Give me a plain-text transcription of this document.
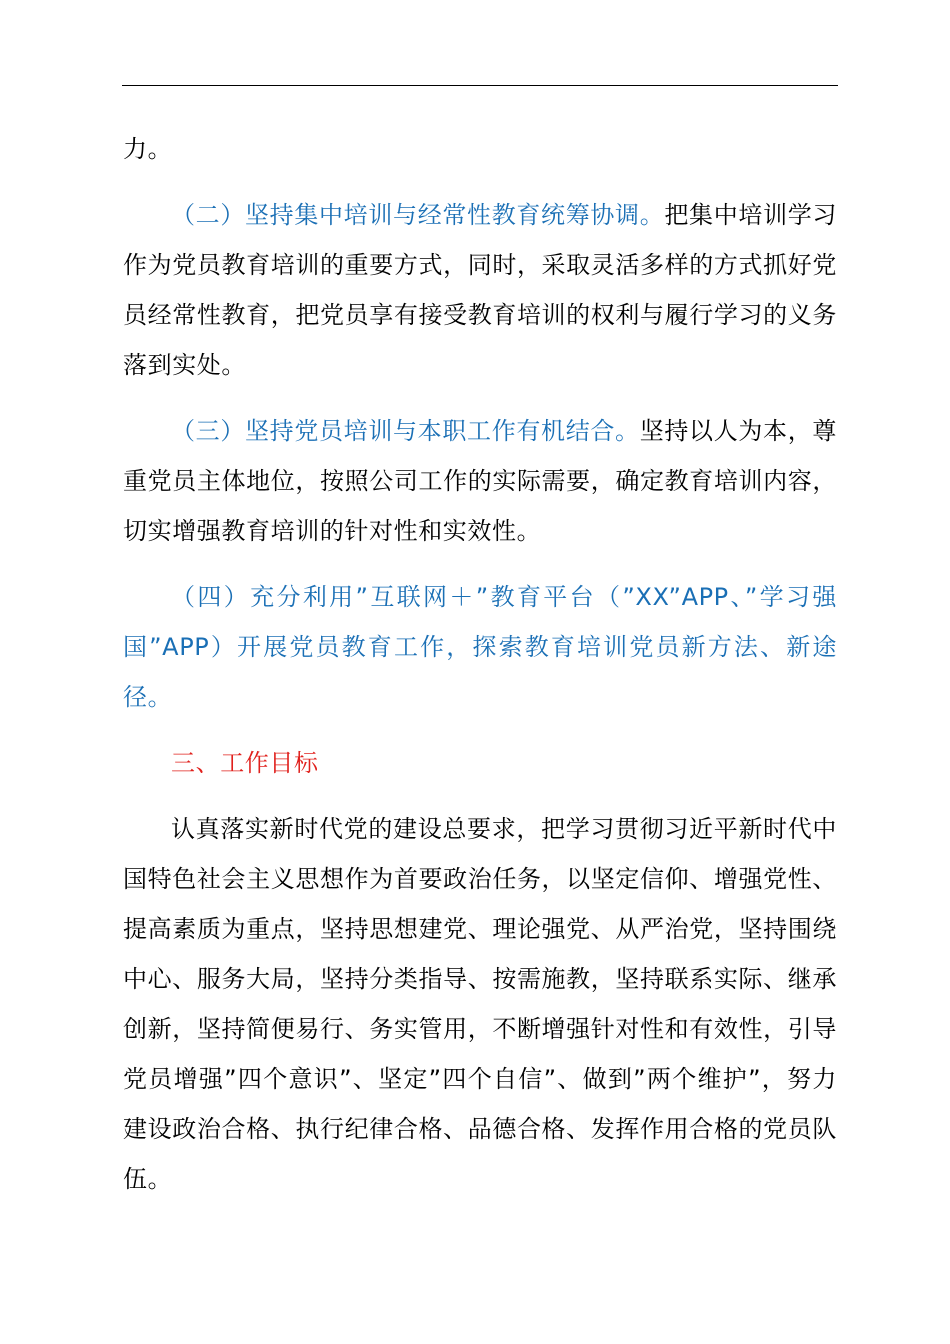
力。

（二）坚持集中培训与经常性教育统筹协调。把集中培训学习作为党员教育培训的重要方式，同时，采取灵活多样的方式抓好党员经常性教育，把党员享有接受教育培训的权利与履行学习的义务落到实处。

（三）坚持党员培训与本职工作有机结合。坚持以人为本，尊重党员主体地位，按照公司工作的实际需要，确定教育培训内容，切实增强教育培训的针对性和实效性。

（四）充分利用”互联网＋”教育平台（”XX”APP、”学习强国”APP）开展党员教育工作，探索教育培训党员新方法、新途径。

三、工作目标

认真落实新时代党的建设总要求，把学习贯彻习近平新时代中国特色社会主义思想作为首要政治任务，以坚定信仰、增强党性、提高素质为重点，坚持思想建党、理论强党、从严治党，坚持围绕中心、服务大局，坚持分类指导、按需施教，坚持联系实际、继承创新，坚持简便易行、务实管用，不断增强针对性和有效性，引导党员增强”四个意识”、坚定”四个自信”、做到”两个维护”，努力建设政治合格、执行纪律合格、品德合格、发挥作用合格的党员队伍。
